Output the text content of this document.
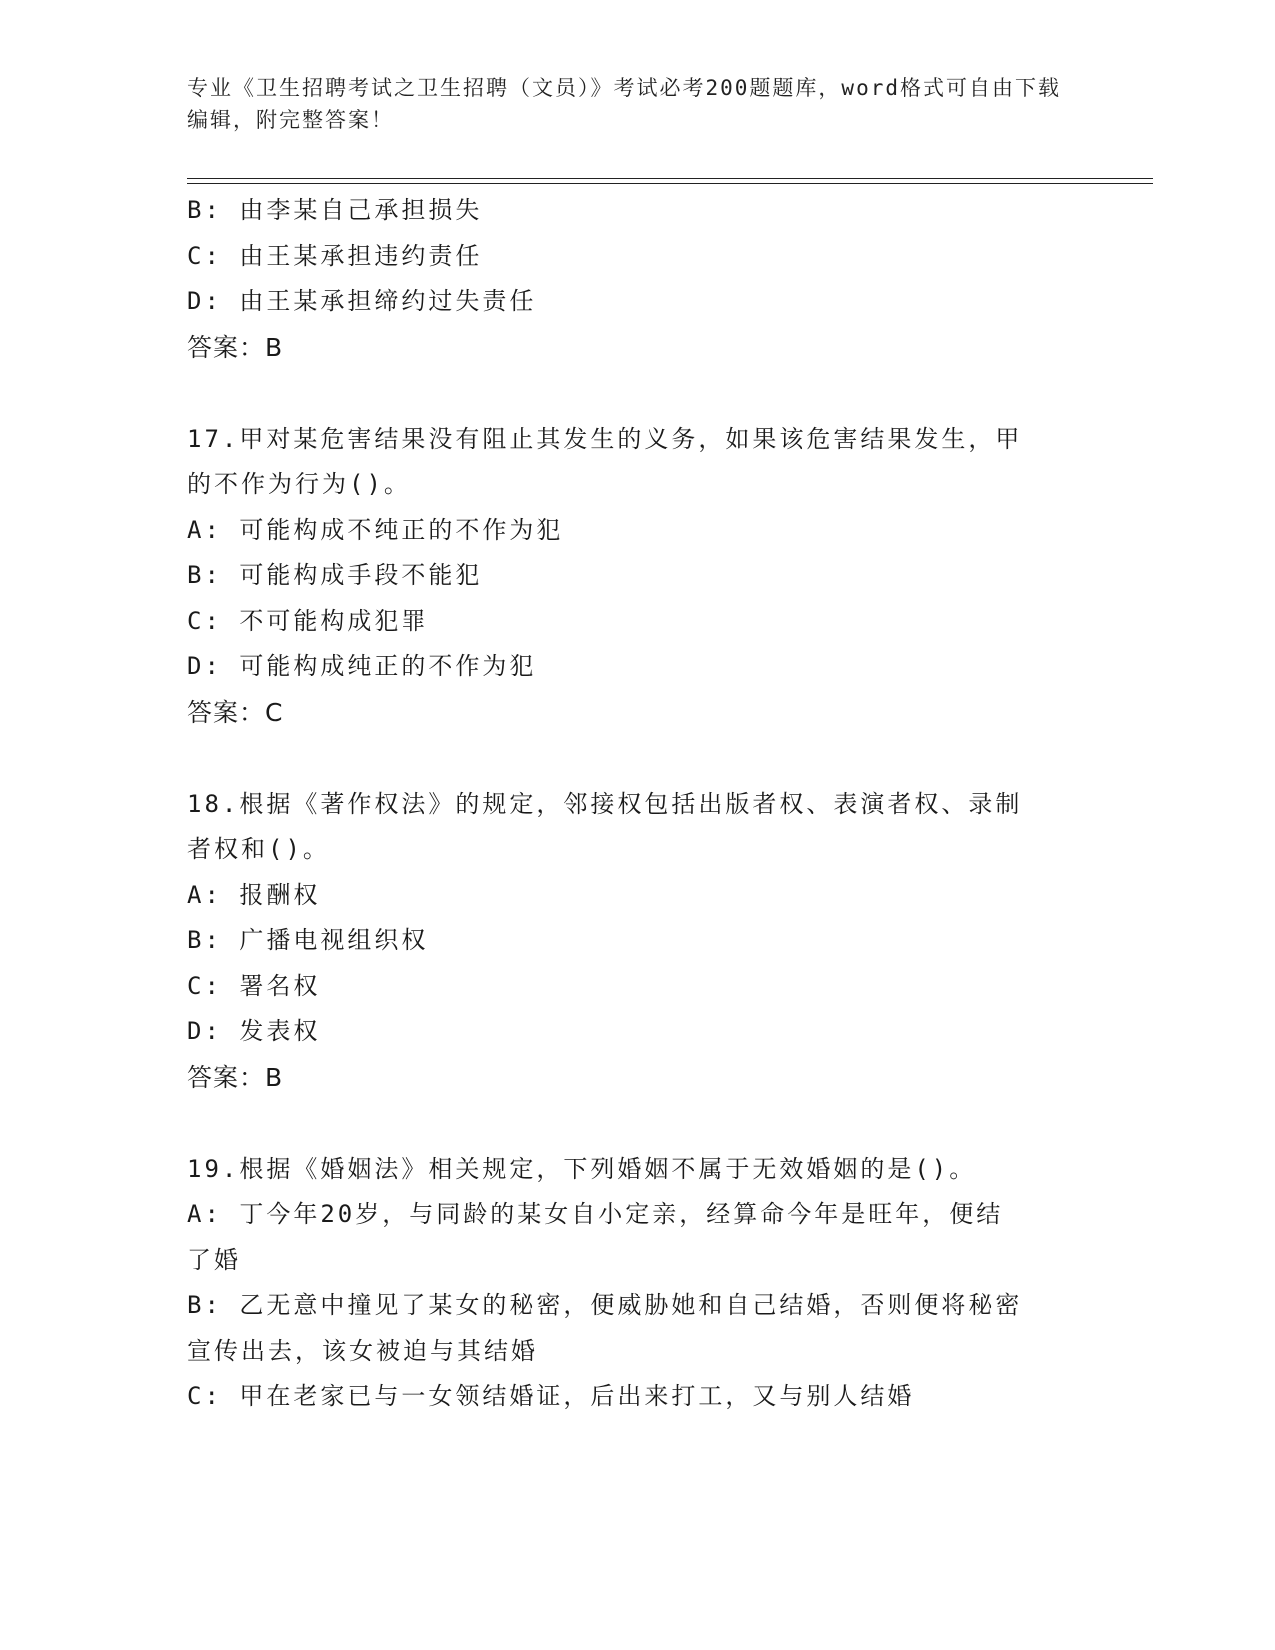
专业《卫生招聘考试之卫生招聘（文员）》考试必考200题题库，word格式可自由下载编辑，附完整答案！
B: 由李某自己承担损失
C: 由王某承担违约责任
D: 由王某承担缔约过失责任
答案：B
17.甲对某危害结果没有阻止其发生的义务，如果该危害结果发生，甲
的不作为行为()。
A: 可能构成不纯正的不作为犯
B: 可能构成手段不能犯
C: 不可能构成犯罪
D: 可能构成纯正的不作为犯
答案：C
18.根据《著作权法》的规定，邻接权包括出版者权、表演者权、录制
者权和()。
A: 报酬权
B: 广播电视组织权
C: 署名权
D: 发表权
答案：B
19.根据《婚姻法》相关规定，下列婚姻不属于无效婚姻的是()。
A: 丁今年20岁，与同龄的某女自小定亲，经算命今年是旺年，便结
了婚
B: 乙无意中撞见了某女的秘密，便威胁她和自己结婚，否则便将秘密
宣传出去，该女被迫与其结婚
C: 甲在老家已与一女领结婚证，后出来打工，又与别人结婚
